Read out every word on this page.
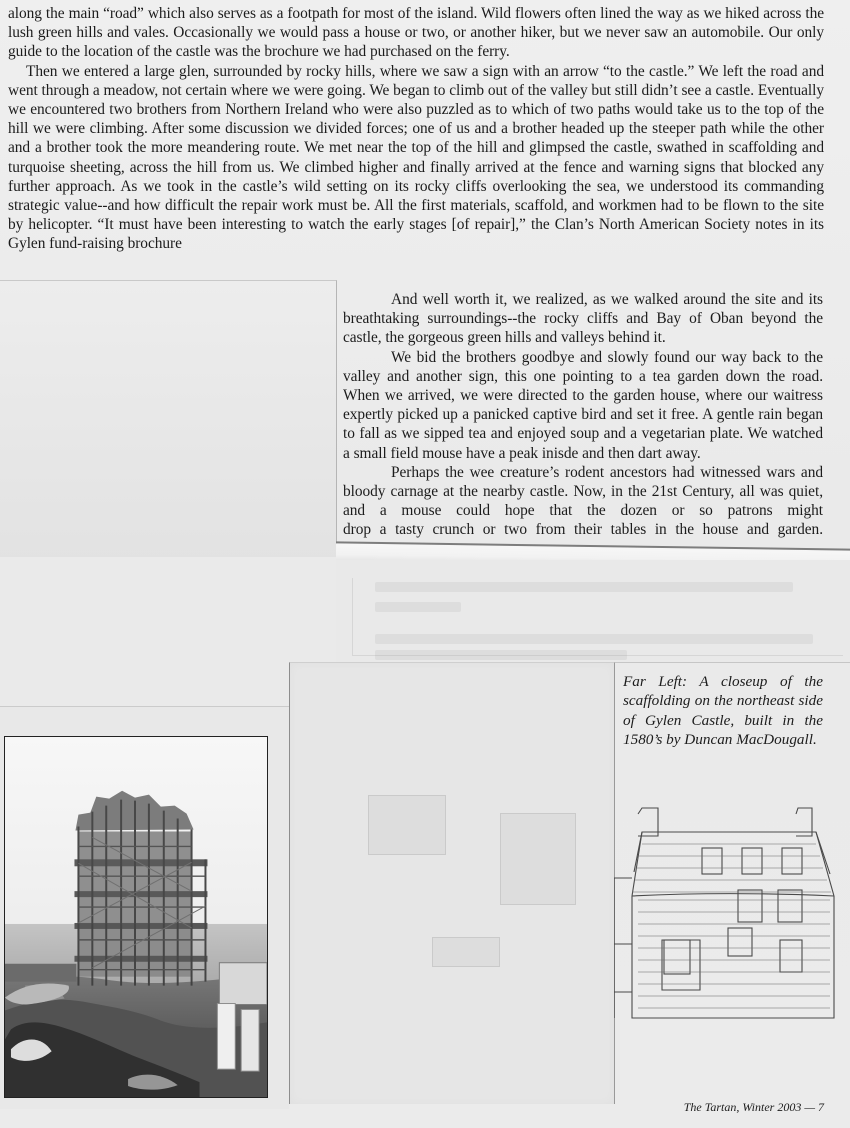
along the main “road” which also serves as a footpath for most of the island. Wild flowers often lined the way as we hiked across the lush green hills and vales. Occasionally we would pass a house or two, or another hiker, but we never saw an automobile. Our only guide to the location of the castle was the brochure we had purchased on the ferry.

Then we entered a large glen, surrounded by rocky hills, where we saw a sign with an arrow “to the castle.” We left the road and went through a meadow, not certain where we were going. We began to climb out of the valley but still didn’t see a castle. Eventually we encountered two brothers from Northern Ireland who were also puzzled as to which of two paths would take us to the top of the hill we were climbing. After some discussion we divided forces; one of us and a brother headed up the steeper path while the other and a brother took the more meandering route. We met near the top of the hill and glimpsed the castle, swathed in scaffolding and turquoise sheeting, across the hill from us. We climbed higher and finally arrived at the fence and warning signs that blocked any further approach. As we took in the castle’s wild setting on its rocky cliffs overlooking the sea, we understood its commanding strategic value--and how difficult the repair work must be. All the first materials, scaffold, and workmen had to be flown to the site by helicopter. “It must have been interesting to watch the early stages [of repair],” the Clan’s North American Society notes in its Gylen fund-raising brochure

And well worth it, we realized, as we walked around the site and its breathtaking surroundings--the rocky cliffs and Bay of Oban beyond the castle, the gorgeous green hills and valleys behind it.

We bid the brothers goodbye and slowly found our way back to the valley and another sign, this one pointing to a tea garden down the road. When we arrived, we were directed to the garden house, where our waitress expertly picked up a panicked captive bird and set it free. A gentle rain began to fall as we sipped tea and enjoyed soup and a vegetarian plate. We watched a small field mouse have a peak inisde and then dart away.

Perhaps the wee creature’s rodent ancestors had witnessed wars and bloody carnage at the nearby castle. Now, in the 21st Century, all was quiet, and a mouse could hope that the dozen or so patrons might drop a tasty crunch or two from their tables in the house and garden.

Far Left: A closeup of the scaffolding on the northeast side of Gylen Castle, built in the 1580’s by Duncan MacDougall.
The Tartan, Winter 2003 — 7
